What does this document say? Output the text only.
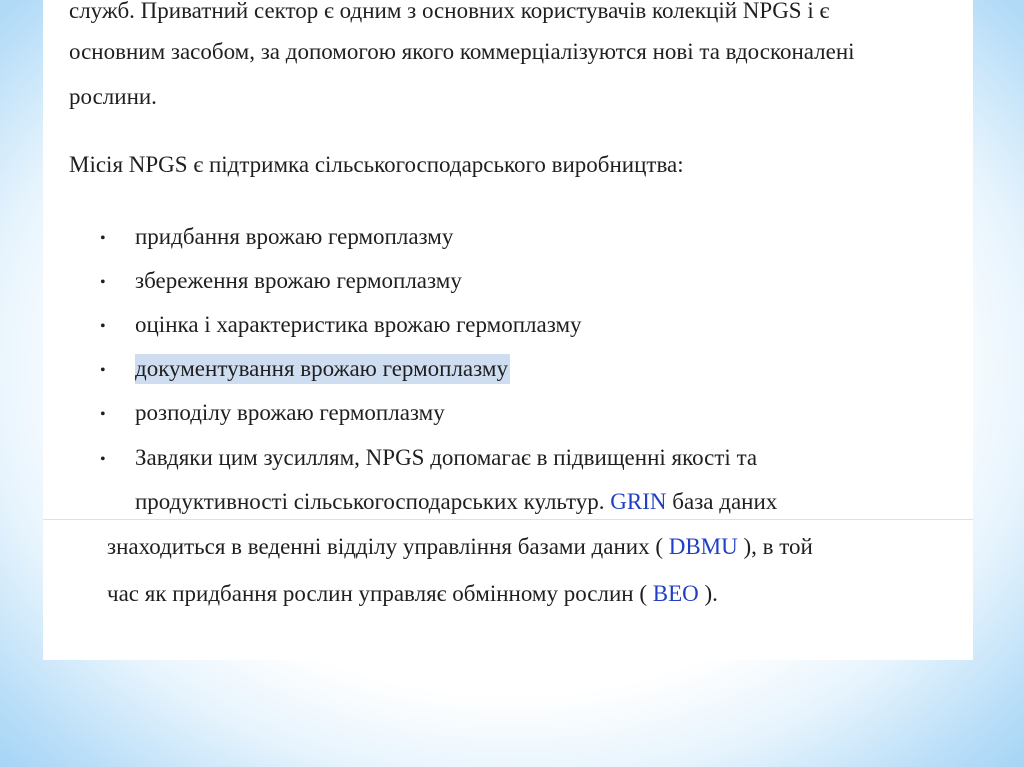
служб. Приватний сектор є одним з основних користувачів колекцій NPGS і є

основним засобом, за допомогою якого коммерціалізуются нові та вдосконалені

рослини.

Місія NPGS є підтримка сільськогосподарського виробництва:

• придбання врожаю гермоплазму

• збереження врожаю гермоплазму

• оцінка і характеристика врожаю гермоплазму

• документування врожаю гермоплазму

• розподілу врожаю гермоплазму

• Завдяки цим зусиллям, NPGS допомагає в підвищенні якості та

продуктивності сільськогосподарських культур. GRIN база даних

знаходиться в веденні відділу управління базами даних ( DBMU ), в той

час як придбання рослин управляє обмінному рослин ( BEO ).
